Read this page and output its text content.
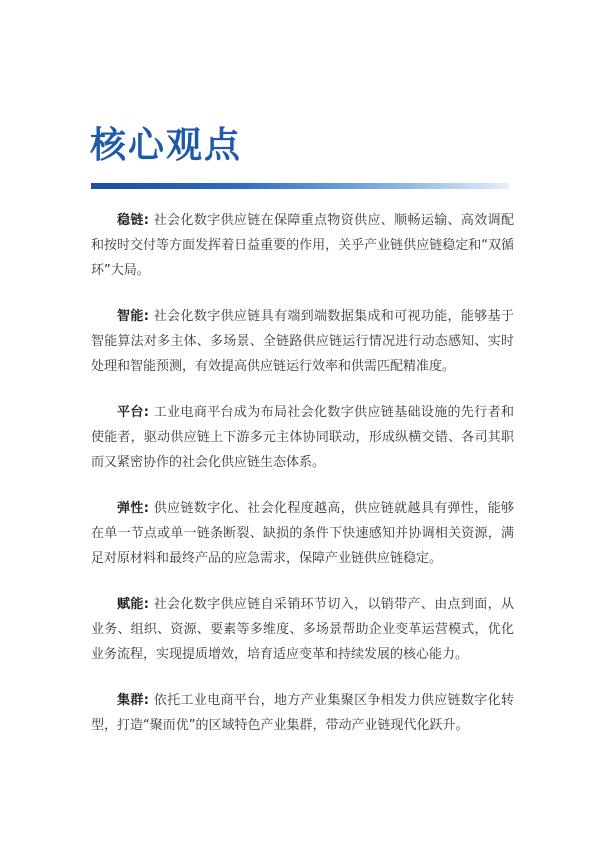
核心观点

稳链: 社会化数字供应链在保障重点物资供应、顺畅运输、高效调配和按时交付等方面发挥着日益重要的作用，关乎产业链供应链稳定和“双循环”大局。

智能: 社会化数字供应链具有端到端数据集成和可视功能，能够基于智能算法对多主体、多场景、全链路供应链运行情况进行动态感知、实时处理和智能预测，有效提高供应链运行效率和供需匹配精准度。

平台: 工业电商平台成为布局社会化数字供应链基础设施的先行者和使能者，驱动供应链上下游多元主体协同联动，形成纵横交错、各司其职而又紧密协作的社会化供应链生态体系。

弹性: 供应链数字化、社会化程度越高，供应链就越具有弹性，能够在单一节点或单一链条断裂、缺损的条件下快速感知并协调相关资源，满足对原材料和最终产品的应急需求，保障产业链供应链稳定。

赋能: 社会化数字供应链自采销环节切入，以销带产、由点到面，从业务、组织、资源、要素等多维度、多场景帮助企业变革运营模式，优化业务流程，实现提质增效，培育适应变革和持续发展的核心能力。

集群: 依托工业电商平台，地方产业集聚区争相发力供应链数字化转型，打造“聚而优”的区域特色产业集群，带动产业链现代化跃升。
